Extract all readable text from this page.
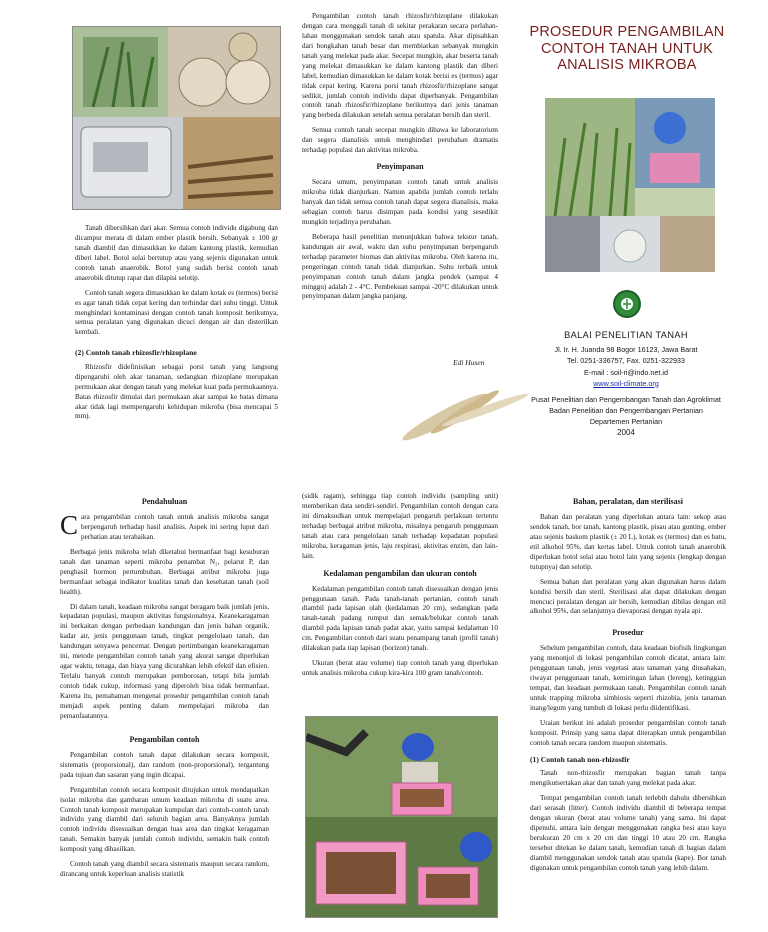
Tanah dibersihkan dari akar. Semua contoh individu digabung dan dicampur merata di dalam ember plastik bersih. Sebanyak ± 100 gr tanah diambil dan dimasukkan ke dalam kantong plastik, kemudian diberi label. Botol selai bertutup atau yang sejenis digunakan untuk contoh tanah anaerobik. Botol yang sudah berisi contoh tanah anaerobik ditutup rapat dan dilapisi selotip.

Contoh tanah segera dimasukkan ke dalam kotak es (termos) berisi es agar tanah tidak cepat kering dan terhindar dari suhu tinggi. Untuk menghindari kontaminasi dengan contoh tanah komposit berikutnya, semua peralatan yang digunakan dicuci dengan air dan disterilkan kembali.

(2) Contoh tanah rhizosfir/rhizoplane

Rhizosfir didefinisikan sebagai porsi tanah yang langsung dipengaruhi oleh akar tanaman, sedangkan rhizoplane merupakan permukaan akar dengan tanah yang melekat kuat pada permukaannya. Batas rhizosfir dimulai dari permukaan akar sampai ke batas dimana akar tidak lagi mempengaruhi kehidupan mikroba (bisa mencapai 5 mm).

Pengambilan contoh tanah rhizosfir/rhizoplane dilakukan dengan cara menggali tanah di sekitar perakaran secara perlahan-lahan menggunakan sendok tanah atau spatula. Akar dipisahkan dari bongkahan tanah besar dan membiarkan sebanyak mungkin tanah yang melekat pada akar. Secepat mungkin, akar beserta tanah yang melekat dimasukkan ke dalam kantong plastik dan diberi label, kemudian dimasukkan ke dalam kotak berisi es (termos) agar tidak cepat kering. Karena porsi tanah rhizosfir/rhizoplane sangat sedikit, jumlah contoh individu dapat diperbanyak. Pengambilan contoh tanah rhizosfir/rhizoplane berikutnya dari jenis tanaman yang berbeda dilakukan setelah semua peralatan bersih dan steril.

Semua contoh tanah secepat mungkin dibawa ke laboratorium dan segera dianalisis untuk menghindari perubahan dramatis terhadap populasi dan aktivitas mikroba.

Penyimpanan

Secara umum, penyimpanan contoh tanah untuk analisis mikroba tidak dianjurkan. Namun apabila jumlah contoh terlalu banyak dan tidak semua contoh tanah dapat segera dianalisis, maka sebagian contoh harus disimpan pada kondisi yang sesedikit mungkin terjadinya perubahan.

Beberapa hasil penelitian menunjukkan bahwa tekstur tanah, kandungan air awal, waktu dan suhu penyimpanan berpengaruh terhadap parameter biomas dan aktivitas mikroba. Oleh karena itu, pengeringan contoh tanah tidak dianjurkan. Suhu terbaik untuk penyimpanan contoh tanah dalam jangka pendek (sampai 4 minggu) adalah 2 - 4°C. Pembekuan sampai -20°C dilakukan untuk penyimpanan dalam jangka panjang.

Edi Husen
PROSEDUR PENGAMBILAN CONTOH TANAH UNTUK ANALISIS MIKROBA
BALAI PENELITIAN TANAH
Jl. Ir. H. Juanda 98 Bogor 16123, Jawa Barat
Tel. 0251-336757, Fax. 0251-322933
E-mail : soil-ri@indo.net.id
www.soil-climate.org
Pusat Penelitian dan Pengembangan Tanah dan Agroklimat
Badan Penelitian dan Pengembangan Pertanian
Departemen Pertanian
2004
Pendahuluan

Cara pengambilan contoh tanah untuk analisis mikroba sangat berpengaruh terhadap hasil analisis. Aspek ini sering luput dari perhatian atau terabaikan.

Berbagai jenis mikroba telah diketahui bermanfaat bagi kesuburan tanah dan tanaman seperti mikroba penambat N₂, pelarut P, dan penghasil hormon pertumbuhan. Berbagai atribut mikroba juga bermanfaat sebagai indikator kualitas tanah dan kesehatan tanah (soil health).

Di dalam tanah, keadaan mikroba sangat beragam baik jumlah jenis, kepadatan populasi, maupun aktivitas fungsionalnya. Keanekaragaman ini berkaitan dengan perbedaan kandungan dan jenis bahan organik, kadar air, jenis penggunaan tanah, tingkat pengelolaan tanah, dan kandungan senyawa pencemar. Dengan pertimbangan keanekaragaman ini, metode pengambilan contoh tanah yang akurat sangat diperlukan agar waktu, tenaga, dan biaya yang dicurahkan lebih efektif dan efisien. Terlalu banyak contoh merupakan pemborosan, tetapi bila jumlah contoh tidak cukup, informasi yang diperoleh bisa tidak bermanfaat. Karena itu, pemahaman mengenai prosedur pengambilan contoh tanah menjadi aspek penting dalam mempelajari mikroba dan pemanfaatannya.

Pengambilan contoh

Pengambilan contoh tanah dapat dilakukan secara komposit, sistematis (proporsional), dan random (non-proporsional), tergantung pada tujuan dan sasaran yang ingin dicapai.

Pengambilan contoh secara komposit ditujukan untuk mendapatkan isolat mikroba dan gambaran umum keadaan mikroba di suatu area. Contoh tanah komposit merupakan kumpulan dari contoh-contoh tanah individu yang diambil dari seluruh bagian area. Banyaknya jumlah contoh individu disesuaikan dengan luas area dan tingkat keragaman tanah. Semakin banyak jumlah contoh individu, semakin baik contoh komposit yang dihasilkan.

Contoh tanah yang diambil secara sistematis maupun secara random, dirancang untuk keperluan analisis statistik

(sidik ragam), sehingga tiap contoh individu (sampling unit) memberikan data sendiri-sendiri. Pengambilan contoh dengan cara ini dimaksudkan untuk mempelajari pengaruh perlakuan tertentu terhadap berbagai atribut mikroba, misalnya pengaruh penggunaan tanah atau cara pengelolaan tanah terhadap kepadatan populasi mikroba, keragaman jenis, laju respirasi, aktivitas enzim, dan lain-lain.

Kedalaman pengambilan dan ukuran contoh

Kedalaman pengambilan contoh tanah disesuaikan dengan jenis penggunaan tanah. Pada tanah-tanah pertanian, contoh tanah diambil pada lapisan olah (kedalaman 20 cm), sedangkan pada tanah-tanah padang rumput dan semak/belukar contoh tanah diambil pada lapisan tanah padat akar, yaitu sampai kedalaman 10 cm. Pengambilan contoh dari suatu penampang tanah (profil tanah) dilakukan pada tiap lapisan (horizon) tanah.

Ukuran (berat atau volume) tiap contoh tanah yang diperlukan untuk analisis mikroba cukup kira-kira 100 gram tanah/contoh.

Bahan, peralatan, dan sterilisasi

Bahan dan peralatan yang diperlukan antara lain: sekop atau sendok tanah, bor tanah, kantong plastik, pisau atau gunting, ember atau sejenis baskom plastik (± 20 L), kotak es (termos) dan es batu, etil alkohol 95%, dan kertas label. Untuk contoh tanah anaerobik diperlukan botol selai atau botol lain yang sejenis (lengkap dengan tutupnya) dan selotip.

Semua bahan dan peralatan yang akan digunakan harus dalam kondisi bersih dan steril. Sterilisasi alat dapat dilakukan dengan mencuci peralatan dengan air bersih, kemudian dibilas dengan etil alkohol 95%, dan selanjutnya dievaporasi dengan nyala api.

Prosedur

Sebelum pengambilan contoh, data keadaan biofisik lingkungan yang menonjol di lokasi pengambilan contoh dicatat, antara lain: penggunaan tanah, jenis vegetasi atau tanaman yang diusahakan, riwayat penggunaan tanah, kemiringan lahan (lereng), ketinggian tempat, dan keadaan permukaan tanah. Pengambilan contoh tanah untuk trapping mikroba simbiosis seperti rhizobia, jenis tanaman inang/legum yang tumbuh di lokasi perlu diidentifikasi.

Uraian berikut ini adalah prosedur pengambilan contoh tanah komposit. Prinsip yang sama dapat diterapkan untuk pengambilan contoh tanah secara random maupun sistematis.

(1) Contoh tanah non-rhizosfir

Tanah non-rhizosfir merupakan bagian tanah tanpa mengikutsertakan akar dan tanah yang melekat pada akar.

Tempat pengambilan contoh tanah terlebih dahulu dibersihkan dari serasah (litter). Contoh individu diambil di beberapa tempat dengan ukuran (berat atau volume tanah) yang sama. Ini dapat dipenuhi, antara lain dengan menggunakan rangka besi atau kayu berukuran 20 cm x 20 cm dan tinggi 10 atau 20 cm. Rangka tersebut ditekan ke dalam tanah, kemudian tanah di bagian dalam diambil menggunakan sendok tanah atau spatula (kape). Bor tanah digunakan untuk pengambilan contoh tanah yang lebih dalam.
